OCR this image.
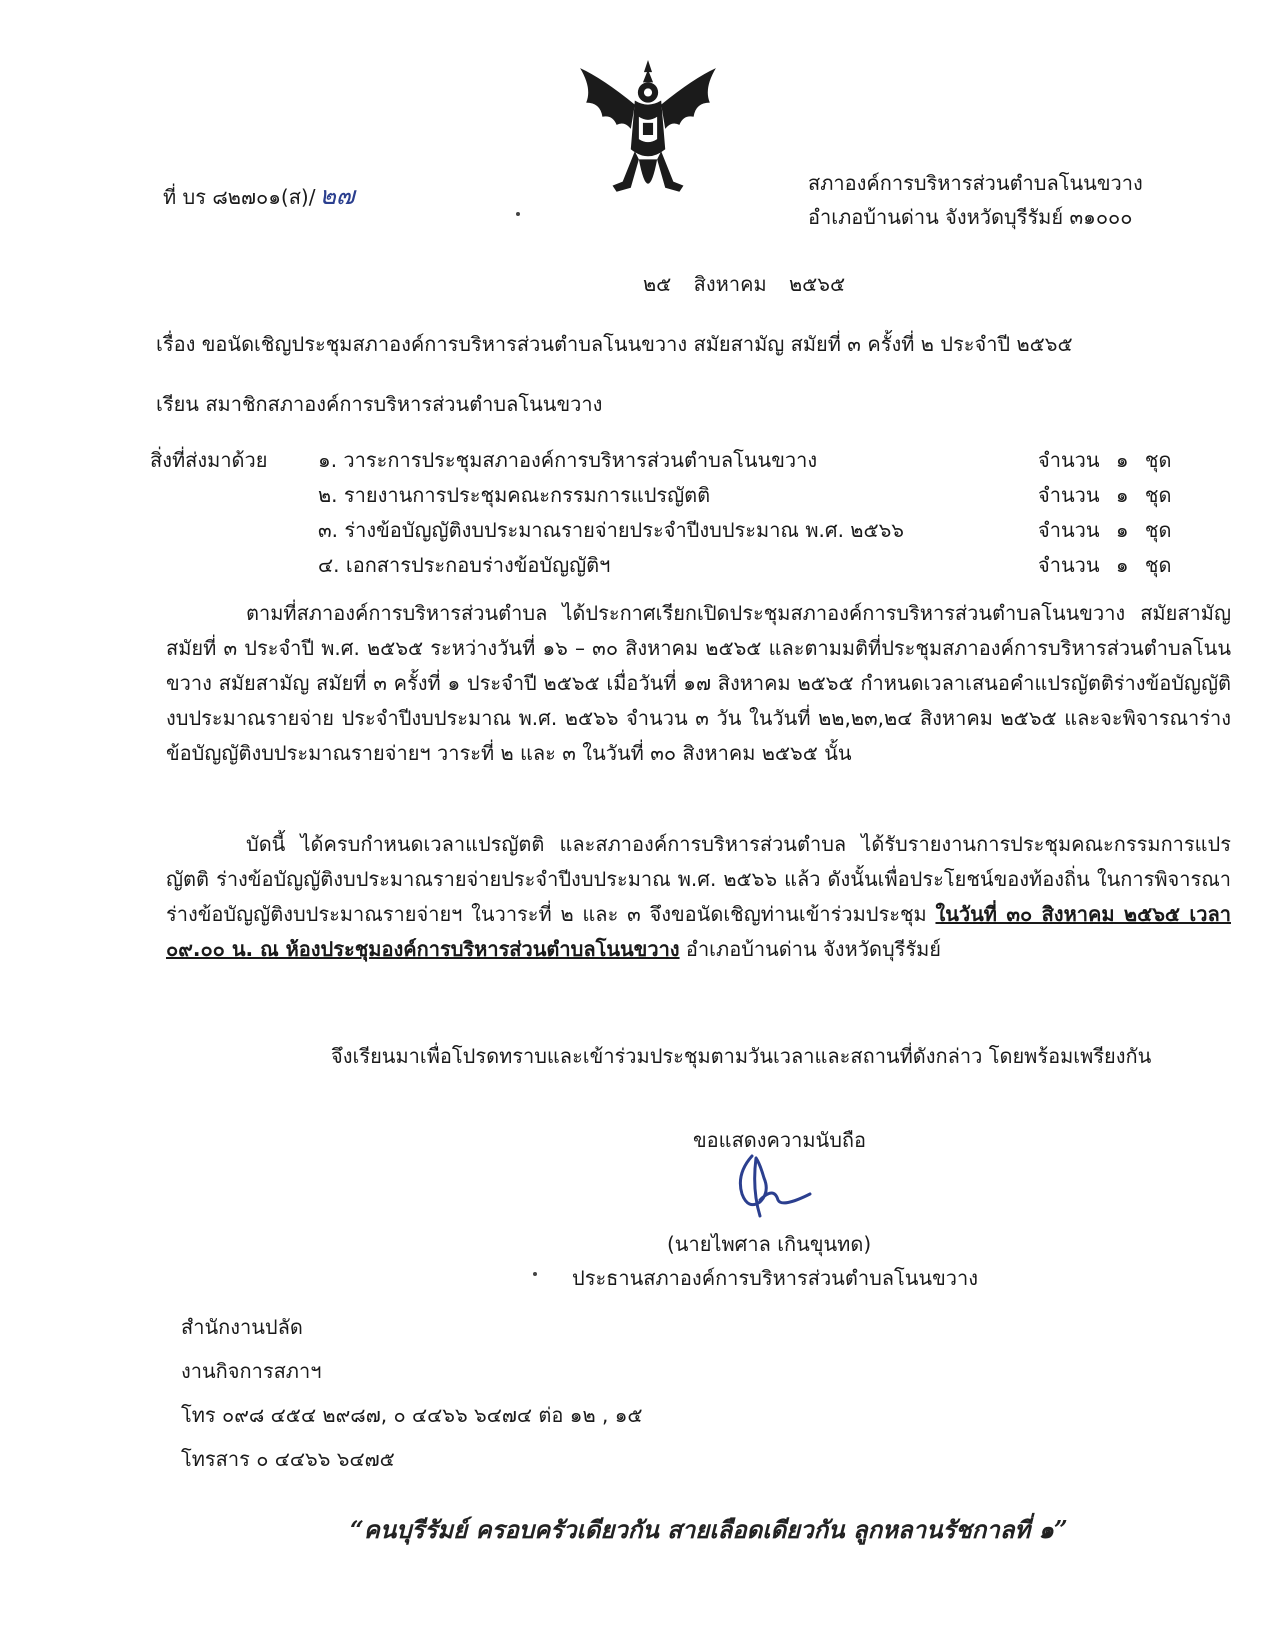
ที่ บร ๘๒๗๐๑(ส)/ ๒๗	สภาองค์การบริหารส่วนตำบลโนนขวาง
อำเภอบ้านด่าน จังหวัดบุรีรัมย์ ๓๑๐๐๐
๒๕ สิงหาคม ๒๕๖๕
เรื่อง ขอนัดเชิญประชุมสภาองค์การบริหารส่วนตำบลโนนขวาง สมัยสามัญ สมัยที่ ๓ ครั้งที่ ๒ ประจำปี ๒๕๖๕
เรียน สมาชิกสภาองค์การบริหารส่วนตำบลโนนขวาง
สิ่งที่ส่งมาด้วย	๑. วาระการประชุมสภาองค์การบริหารส่วนตำบลโนนขวาง	จำนวน ๑ ชุด
๒. รายงานการประชุมคณะกรรมการแปรญัตติ	จำนวน ๑ ชุด
๓. ร่างข้อบัญญัติงบประมาณรายจ่ายประจำปีงบประมาณ พ.ศ. ๒๕๖๖	จำนวน ๑ ชุด
๔. เอกสารประกอบร่างข้อบัญญัติฯ	จำนวน ๑ ชุด
ตามที่สภาองค์การบริหารส่วนตำบล ได้ประกาศเรียกเปิดประชุมสภาองค์การบริหารส่วนตำบลโนนขวาง สมัยสามัญ สมัยที่ ๓ ประจำปี พ.ศ. ๒๕๖๕ ระหว่างวันที่ ๑๖ – ๓๐ สิงหาคม ๒๕๖๕ และตามมติที่ประชุมสภาองค์การบริหารส่วนตำบลโนนขวาง สมัยสามัญ สมัยที่ ๓ ครั้งที่ ๑ ประจำปี ๒๕๖๕ เมื่อวันที่ ๑๗ สิงหาคม ๒๕๖๕ กำหนดเวลาเสนอคำแปรญัตติร่างข้อบัญญัติงบประมาณรายจ่าย ประจำปีงบประมาณ พ.ศ. ๒๕๖๖ จำนวน ๓ วัน ในวันที่ ๒๒,๒๓,๒๔ สิงหาคม ๒๕๖๕ และจะพิจารณาร่างข้อบัญญัติงบประมาณรายจ่ายฯ วาระที่ ๒ และ ๓ ในวันที่ ๓๐ สิงหาคม ๒๕๖๕ นั้น
บัดนี้ ได้ครบกำหนดเวลาแปรญัตติ และสภาองค์การบริหารส่วนตำบล ได้รับรายงานการประชุมคณะกรรมการแปรญัตติ ร่างข้อบัญญัติงบประมาณรายจ่ายประจำปีงบประมาณ พ.ศ. ๒๕๖๖ แล้ว ดังนั้นเพื่อประโยชน์ของท้องถิ่น ในการพิจารณาร่างข้อบัญญัติงบประมาณรายจ่ายฯ ในวาระที่ ๒ และ ๓ จึงขอนัดเชิญท่านเข้าร่วมประชุม ในวันที่ ๓๐ สิงหาคม ๒๕๖๕ เวลา ๐๙.๐๐ น. ณ ห้องประชุมองค์การบริหารส่วนตำบลโนนขวาง อำเภอบ้านด่าน จังหวัดบุรีรัมย์
จึงเรียนมาเพื่อโปรดทราบและเข้าร่วมประชุมตามวันเวลาและสถานที่ดังกล่าว โดยพร้อมเพรียงกัน
ขอแสดงความนับถือ
(นายไพศาล เกินขุนทด)
ประธานสภาองค์การบริหารส่วนตำบลโนนขวาง
สำนักงานปลัด
งานกิจการสภาฯ
โทร ๐๙๘ ๔๕๔ ๒๙๘๗, ๐ ๔๔๖๖ ๖๔๗๔ ต่อ ๑๒ , ๑๕
โทรสาร ๐ ๔๔๖๖ ๖๔๗๕
“คนบุรีรัมย์ ครอบครัวเดียวกัน สายเลือดเดียวกัน ลูกหลานรัชกาลที่ ๑”
